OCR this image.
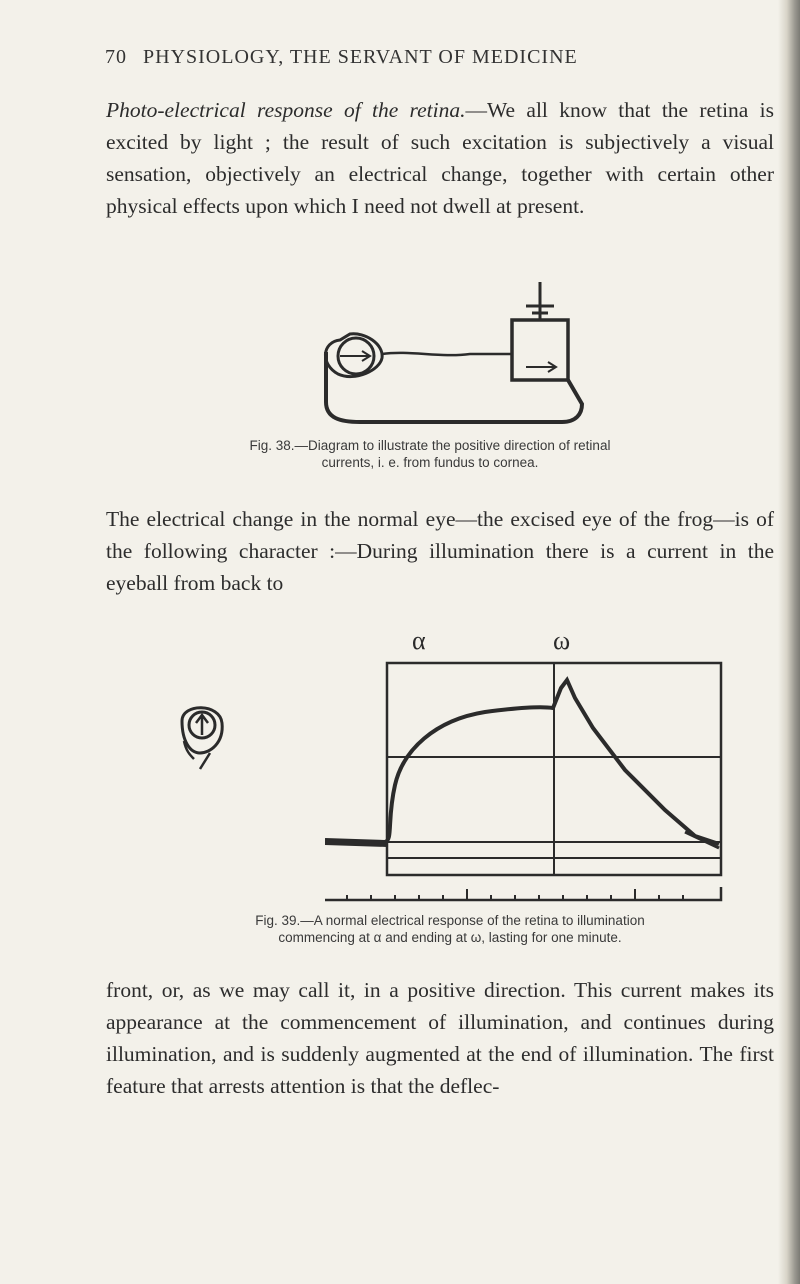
70 PHYSIOLOGY, THE SERVANT OF MEDICINE
Photo-electrical response of the retina.—We all know that the retina is excited by light ; the result of such excitation is subjectively a visual sensation, objectively an electrical change, together with certain other physical effects upon which I need not dwell at present.
Fig. 38.—Diagram to illustrate the positive direction of retinal
currents, i. e. from fundus to cornea.
The electrical change in the normal eye—the excised eye of the frog—is of the following character :—During illumination there is a current in the eyeball from back to
α	ω
Fig. 39.—A normal electrical response of the retina to illumination
commencing at α and ending at ω, lasting for one minute.
front, or, as we may call it, in a positive direction. This current makes its appearance at the commencement of illumination, and continues during illumination, and is suddenly augmented at the end of illumination. The first feature that arrests attention is that the deflec-
